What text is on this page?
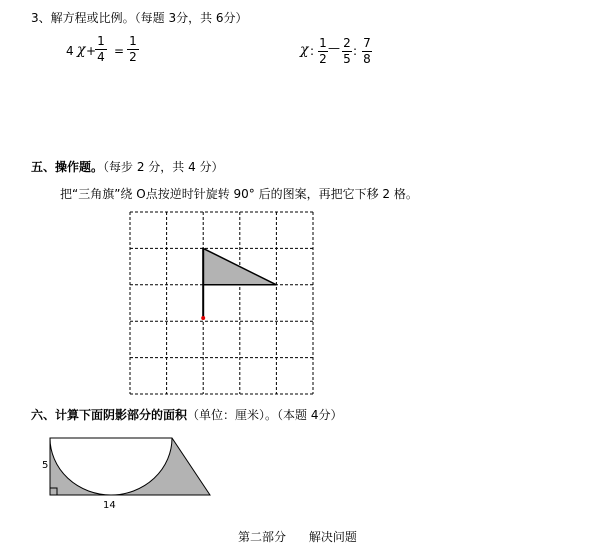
3、解方程或比例。（每题 3分，共 6分）
4 χ +
1
4 =
1
2	χ :
1
2
— 2
5
:
7
8
五、操作题。（每步 2 分，共 4 分）
把“三角旗”绕 O点按逆时针旋转 90° 后的图案，再把它下移 2 格。
六、计算下面阴影部分的面积（单位：厘米）。（本题 4分）
5
14
第二部分      解决问题
